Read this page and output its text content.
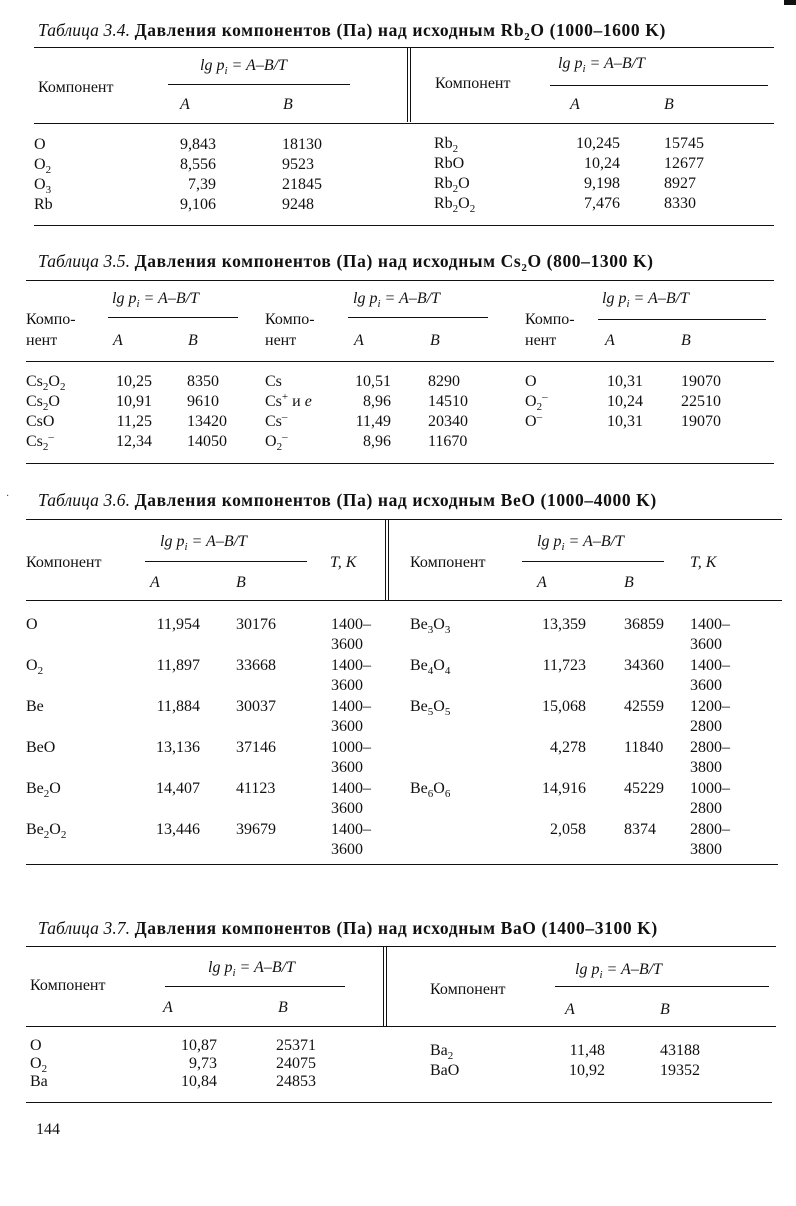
Таблица 3.4. Давления компонентов (Па) над исходным $Rb_2O$ (1000–1600 K)
Компонент
$\lg p_i = A-B/T$
A	B
Компонент
$\lg p_i = A-B/T$
A	B
O	9,843	18130
$O_2$	8,556	9523
$O_3$	7,39	21845
Rb	9,106	9248
$Rb_2$	10,245	15745
RbO	10,24	12677
$Rb_2O$	9,198	8927
$Rb_2O_2$	7,476	8330
Таблица 3.5. Давления компонентов (Па) над исходным $Cs_2O$ (800–1300 K)
Компо-
нент
$\lg p_i = A-B/T$
A	B
Компо-
нент
$\lg p_i = A-B/T$
A	B
Компо-
нент
$\lg p_i = A-B/T$
A	B
$Cs_2O_2$	10,25 8350
$Cs_2O$	10,91 9610
CsO	11,25 13420
$Cs_2^-$	12,34 14050
Cs	10,51 8290
Cs+ и e	8,96 14510
Cs–	11,49 20340
$O_2^-$	8,96 11670
O	10,31 19070
$O_2^-$	10,24 22510
O–	10,31 19070
· Таблица 3.6. Давления компонентов (Па) над исходным BeO (1000–4000 K)
Компонент
$\lg p_i = A-B/T$
A	B
T, K	Компонент
$\lg p_i = A-B/T$
A	B
T, K
O	11,954 30176	1400–
3600
$O_2$	11,897 33668	1400–
3600
Be	11,884 30037	1400–
3600
BeO	13,136 37146	1000–
3600
$Be_2O$	14,407 41123	1400–
3600
$Be_2O_2$	13,446 39679	1400–
3600
$Be_3O_3$	13,359 36859 1400–
3600
$Be_4O_4$	11,723 34360 1400–
3600
$Be_5O_5$	15,068 42559 1200–
2800
4,278 11840 2800–
3800
$Be_6O_6$	14,916 45229 1000–
2800
2,058 8374 2800–
3800
Таблица 3.7. Давления компонентов (Па) над исходным BaO (1400–3100 K)
Компонент
$\lg p_i = A-B/T$
A	B
Компонент
$\lg p_i = A-B/T$
A	B
O	10,87	25371
$O_2$	9,73	24075
Ba	10,84	24853
$Ba_2$	11,48	43188
BaO	10,92	19352
144
